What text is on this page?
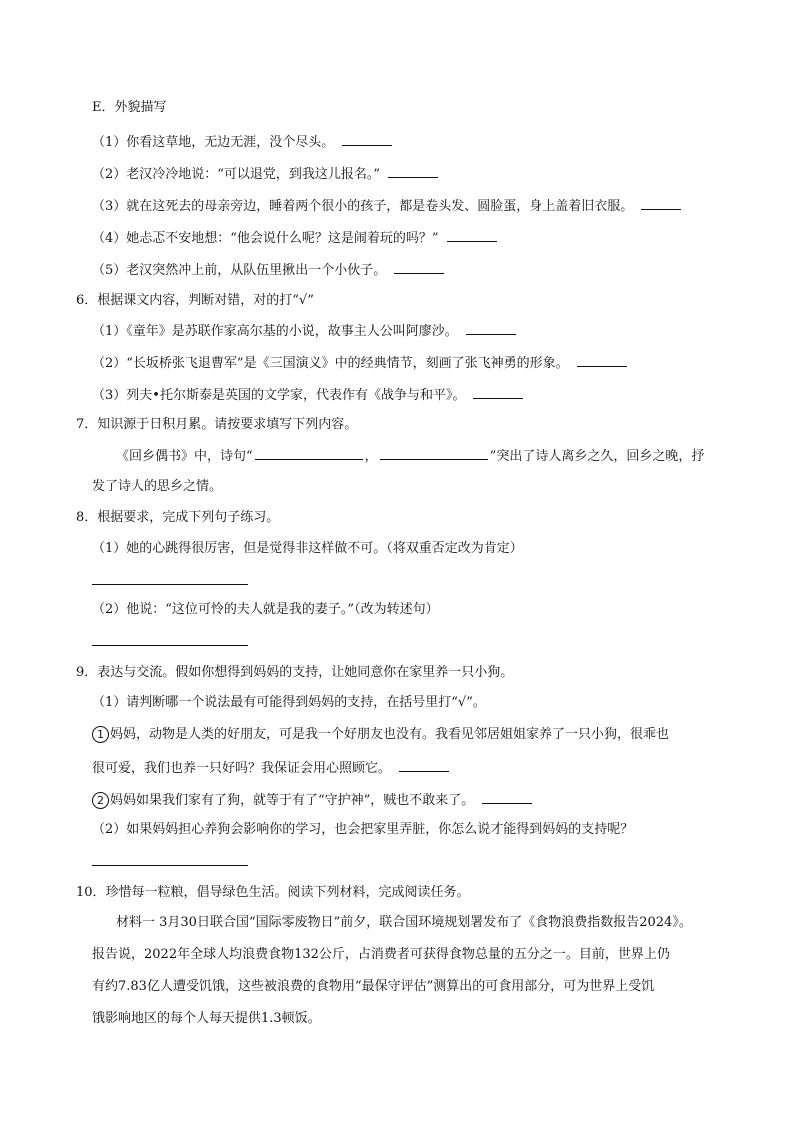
E．外貌描写
（1）你看这草地，无边无涯，没个尽头。
（2）老汉冷冷地说：“可以退党，到我这儿报名。”
（3）就在这死去的母亲旁边，睡着两个很小的孩子，都是卷头发、圆脸蛋，身上盖着旧衣服。
（4）她忐忑不安地想：“他会说什么呢？这是闹着玩的吗？”
（5）老汉突然冲上前，从队伍里揪出一个小伙子。
6．根据课文内容，判断对错，对的打“√”
（1）《童年》是苏联作家高尔基的小说，故事主人公叫阿廖沙。
（2）“长坂桥张飞退曹军”是《三国演义》中的经典情节，刻画了张飞神勇的形象。
（3）列夫•托尔斯泰是英国的文学家，代表作有《战争与和平》。
7．知识源于日积月累。请按要求填写下列内容。
《回乡偶书》中，诗句“	，	”突出了诗人离乡之久，回乡之晚，抒
发了诗人的思乡之情。
8．根据要求，完成下列句子练习。
（1）她的心跳得很厉害，但是觉得非这样做不可。（将双重否定改为肯定）
（2）他说：“这位可怜的夫人就是我的妻子。”（改为转述句）
9．表达与交流。假如你想得到妈妈的支持，让她同意你在家里养一只小狗。
（1）请判断哪一个说法最有可能得到妈妈的支持，在括号里打“√”。
1 妈妈，动物是人类的好朋友，可是我一个好朋友也没有。我看见邻居姐姐家养了一只小狗，很乖也
很可爱，我们也养一只好吗？我保证会用心照顾它。
2 妈妈如果我们家有了狗，就等于有了“守护神”，贼也不敢来了。
（2）如果妈妈担心养狗会影响你的学习，也会把家里弄脏，你怎么说才能得到妈妈的支持呢？
10．珍惜每一粒粮，倡导绿色生活。阅读下列材料，完成阅读任务。
材料一 3月30日联合国“国际零废物日”前夕，联合国环境规划署发布了《食物浪费指数报告2024》。
报告说，2022年全球人均浪费食物132公斤，占消费者可获得食物总量的五分之一。目前，世界上仍
有约7.83亿人遭受饥饿，这些被浪费的食物用“最保守评估”测算出的可食用部分，可为世界上受饥
饿影响地区的每个人每天提供1.3顿饭。
